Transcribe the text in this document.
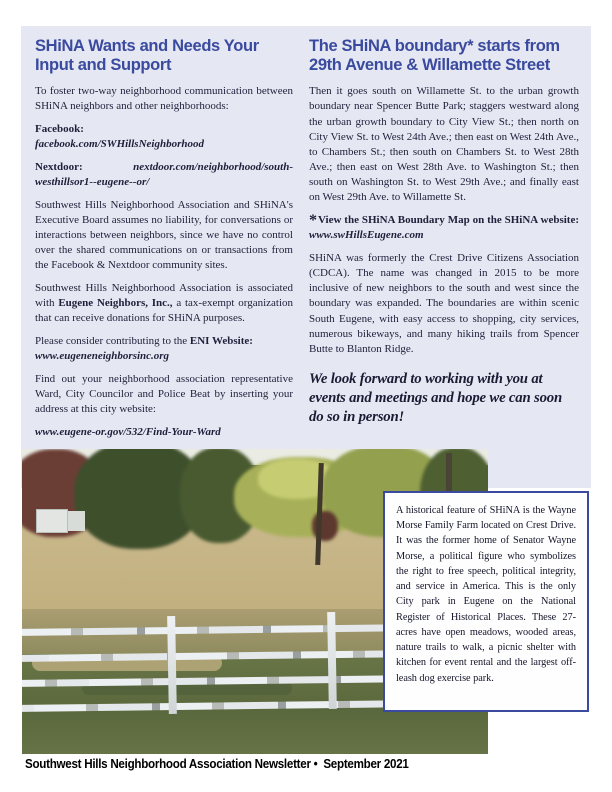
SHiNA Wants and Needs Your Input and Support

To foster two-way neighborhood communication between SHiNA neighbors and other neighborhoods:

Facebook:
facebook.com/SWHillsNeighborhood

Nextdoor: nextdoor.com/neighborhood/southwesthillsor1--eugene--or/

Southwest Hills Neighborhood Association and SHiNA's Executive Board assumes no liability, for conversations or interactions between neighbors, since we have no control over the shared communications on or transactions from the Facebook & Nextdoor community sites.

Southwest Hills Neighborhood Association is associated with Eugene Neighbors, Inc., a tax-exempt organization that can receive donations for SHiNA purposes.

Please consider contributing to the ENI Website:
www.eugeneneighborsinc.org

Find out your neighborhood association representative Ward, City Councilor and Police Beat by inserting your address at this city website:

www.eugene-or.gov/532/Find-Your-Ward

The SHiNA boundary* starts from 29th Avenue & Willamette Street

Then it goes south on Willamette St. to the urban growth boundary near Spencer Butte Park; staggers westward along the urban growth boundary to City View St.; then north on City View St. to West 24th Ave.; then east on West 24th Ave., to Chambers St.; then south on Chambers St. to West 28th Ave.; then east on West 28th Ave. to Washington St.; then south on Washington St. to West 29th Ave.; and finally east on West 29th Ave. to Willamette St.

*View the SHiNA Boundary Map on the SHiNA website: www.swHillsEugene.com

SHiNA was formerly the Crest Drive Citizens Association (CDCA). The name was changed in 2015 to be more inclusive of new neighbors to the south and west since the boundary was expanded. The boundaries are within scenic South Eugene, with easy access to shopping, city services, numerous bikeways, and many hiking trails from Spencer Butte to Blanton Ridge.

We look forward to working with you at events and meetings and hope we can soon do so in person!

A historical feature of SHiNA is the Wayne Morse Family Farm located on Crest Drive. It was the former home of Senator Wayne Morse, a political figure who symbolizes the right to free speech, political integrity, and service in America. This is the only City park in Eugene on the National Register of Historical Places. These 27-acres have open meadows, wooded areas, nature trails to walk, a picnic shelter with kitchen for event rental and the largest off-leash dog exercise park.

Southwest Hills Neighborhood Association Newsletter •  September 2021
